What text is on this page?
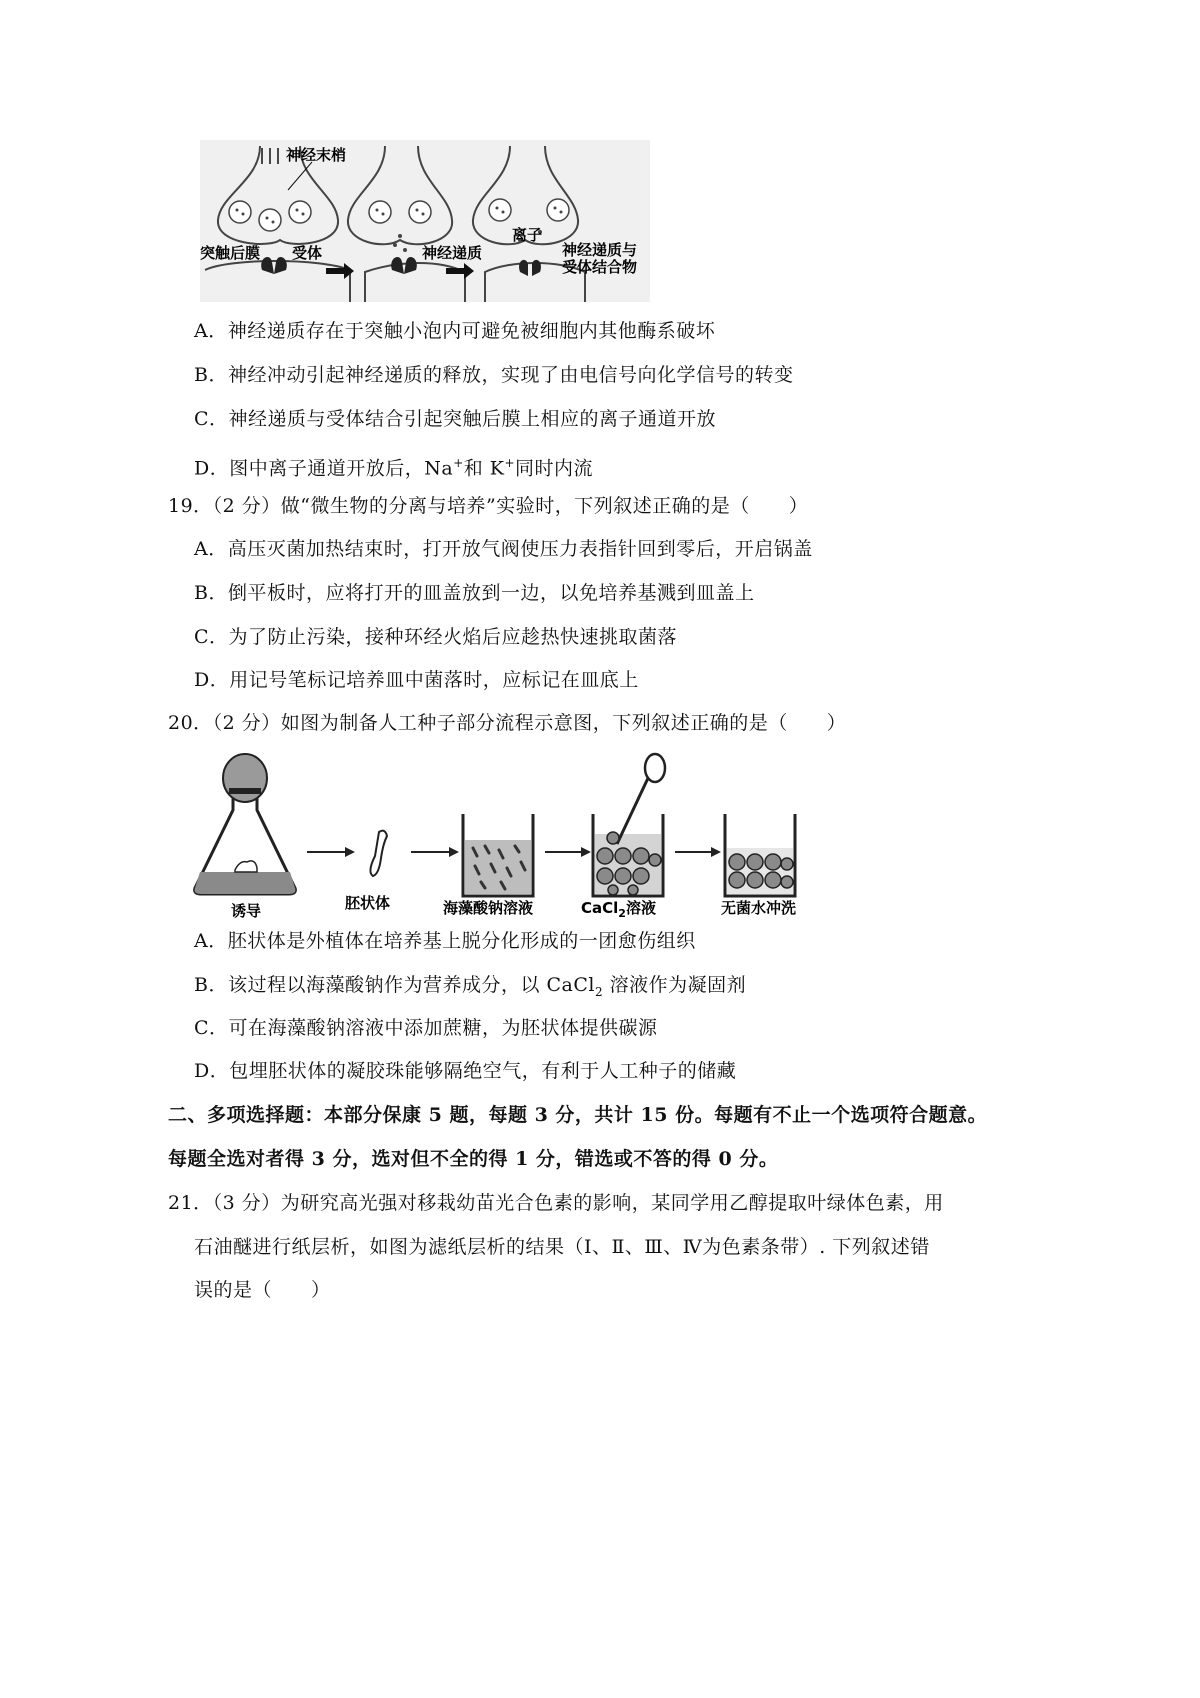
神经末梢
突触后膜 受体	神经递质
离子
神经递质与
受体结合物
A．神经递质存在于突触小泡内可避免被细胞内其他酶系破坏
B．神经冲动引起神经递质的释放，实现了由电信号向化学信号的转变
C．神经递质与受体结合引起突触后膜上相应的离子通道开放
D．图中离子通道开放后，Na+和 K+同时内流
19．（2 分）做“微生物的分离与培养”实验时，下列叙述正确的是（　　）
A．高压灭菌加热结束时，打开放气阀使压力表指针回到零后，开启锅盖
B．倒平板时，应将打开的皿盖放到一边，以免培养基溅到皿盖上
C．为了防止污染，接种环经火焰后应趁热快速挑取菌落
D．用记号笔标记培养皿中菌落时，应标记在皿底上
20．（2 分）如图为制备人工种子部分流程示意图，下列叙述正确的是（　　）
诱导	胚状体	海藻酸钠溶液	CaCl$_2$溶液	无菌水冲洗
A．胚状体是外植体在培养基上脱分化形成的一团愈伤组织
B．该过程以海藻酸钠作为营养成分，以 CaCl$_2$ 溶液作为凝固剂
C．可在海藻酸钠溶液中添加蔗糖，为胚状体提供碳源
D．包埋胚状体的凝胶珠能够隔绝空气，有利于人工种子的储藏
二、多项选择题：本部分保康 5 题，每题 3 分，共计 15 份。每题有不止一个选项符合题意。
每题全选对者得 3 分，选对但不全的得 1 分，错选或不答的得 0 分。
21．（3 分）为研究高光强对移栽幼苗光合色素的影响，某同学用乙醇提取叶绿体色素，用
石油醚进行纸层析，如图为滤纸层析的结果（Ⅰ、Ⅱ、Ⅲ、Ⅳ为色素条带）. 下列叙述错
误的是（　　）
